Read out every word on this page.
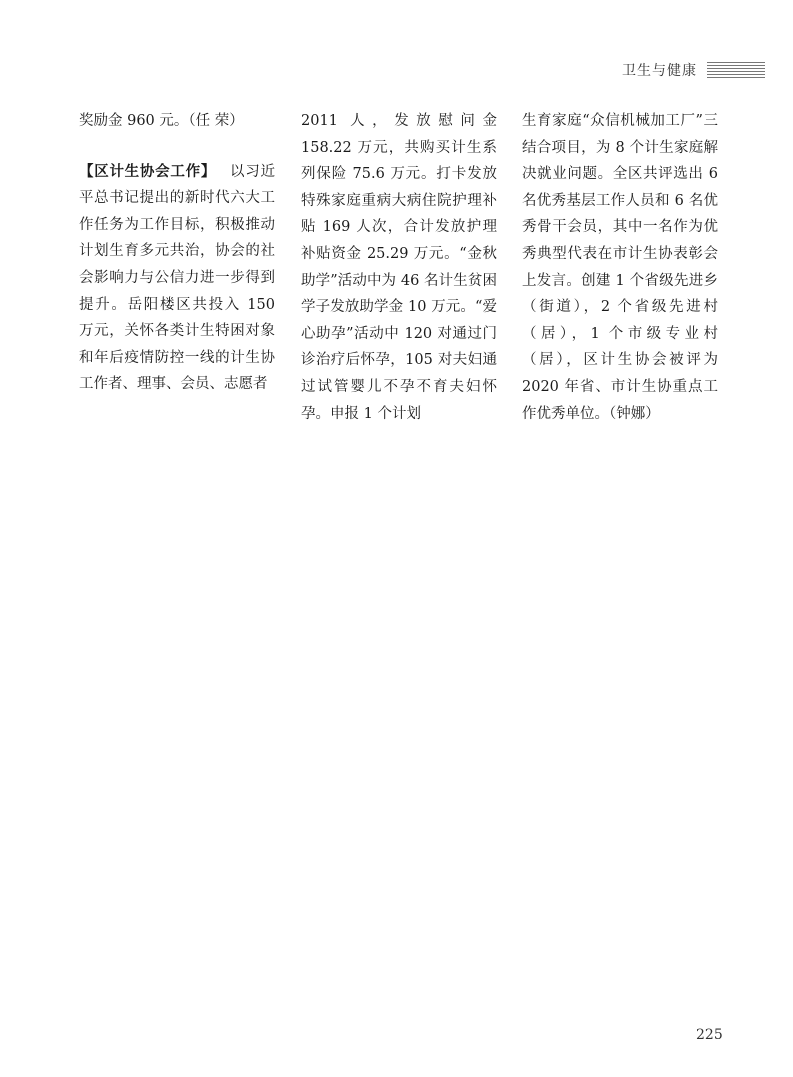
卫生与健康

奖励金 960 元。（任 荣）

【区计生协会工作】 以习近平总书记提出的新时代六大工作任务为工作目标，积极推动计划生育多元共治，协会的社会影响力与公信力进一步得到提升。岳阳楼区共投入 150 万元，关怀各类计生特困对象和年后疫情防控一线的计生协工作者、理事、会员、志愿者

2011 人，发放慰问金 158.22 万元，共购买计生系列保险 75.6 万元。打卡发放特殊家庭重病大病住院护理补贴 169 人次，合计发放护理补贴资金 25.29 万元。“金秋助学”活动中为 46 名计生贫困学子发放助学金 10 万元。“爱心助孕”活动中 120 对通过门诊治疗后怀孕，105 对夫妇通过试管婴儿不孕不育夫妇怀孕。申报 1 个计划

生育家庭“众信机械加工厂”三结合项目，为 8 个计生家庭解决就业问题。全区共评选出 6 名优秀基层工作人员和 6 名优秀骨干会员，其中一名作为优秀典型代表在市计生协表彰会上发言。创建 1 个省级先进乡（街道），2 个省级先进村（居），1 个市级专业村（居），区计生协会被评为 2020 年省、市计生协重点工作优秀单位。（钟娜）

225
